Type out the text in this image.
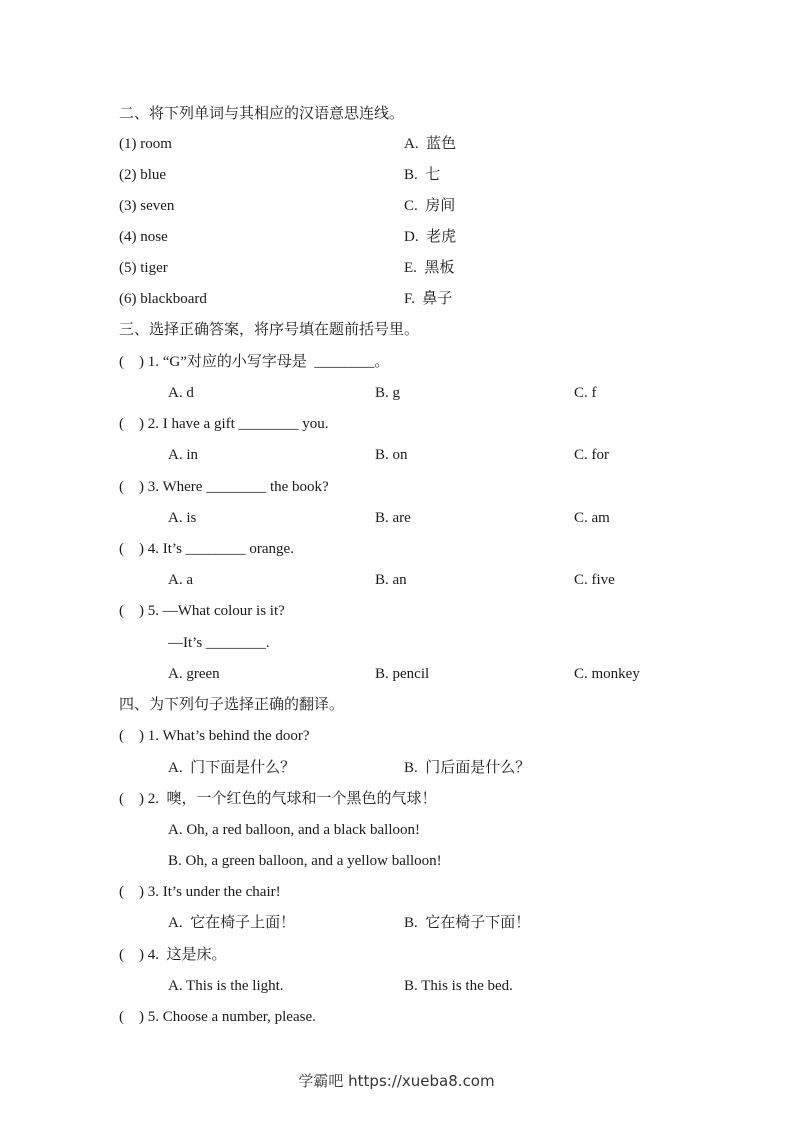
二、将下列单词与其相应的汉语意思连线。
(1) room	A.  蓝色
(2) blue	B.  七
(3) seven	C.  房间
(4) nose	D.  老虎
(5) tiger	E.  黑板
(6) blackboard	F.  鼻子
三、选择正确答案，将序号填在题前括号里。
(    ) 1. “G”对应的小写字母是  ________。
A. d	B. g	C. f
(    ) 2. I have a gift ________ you.
A. in	B. on	C. for
(    ) 3. Where ________ the book?
A. is	B. are	C. am
(    ) 4. It’s ________ orange.
A. a	B. an	C. five
(    ) 5. —What colour is it?
—It’s ________.
A. green	B. pencil	C. monkey
四、为下列句子选择正确的翻译。
(    ) 1. What’s behind the door?
A.  门下面是什么？	B.  门后面是什么？
(    ) 2.  噢，一个红色的气球和一个黑色的气球！
A. Oh, a red balloon, and a black balloon!
B. Oh, a green balloon, and a yellow balloon!
(    ) 3. It’s under the chair!
A.  它在椅子上面！	B.  它在椅子下面！
(    ) 4.  这是床。
A. This is the light.	B. This is the bed.
(    ) 5. Choose a number, please.
学霸吧 https://xueba8.com
